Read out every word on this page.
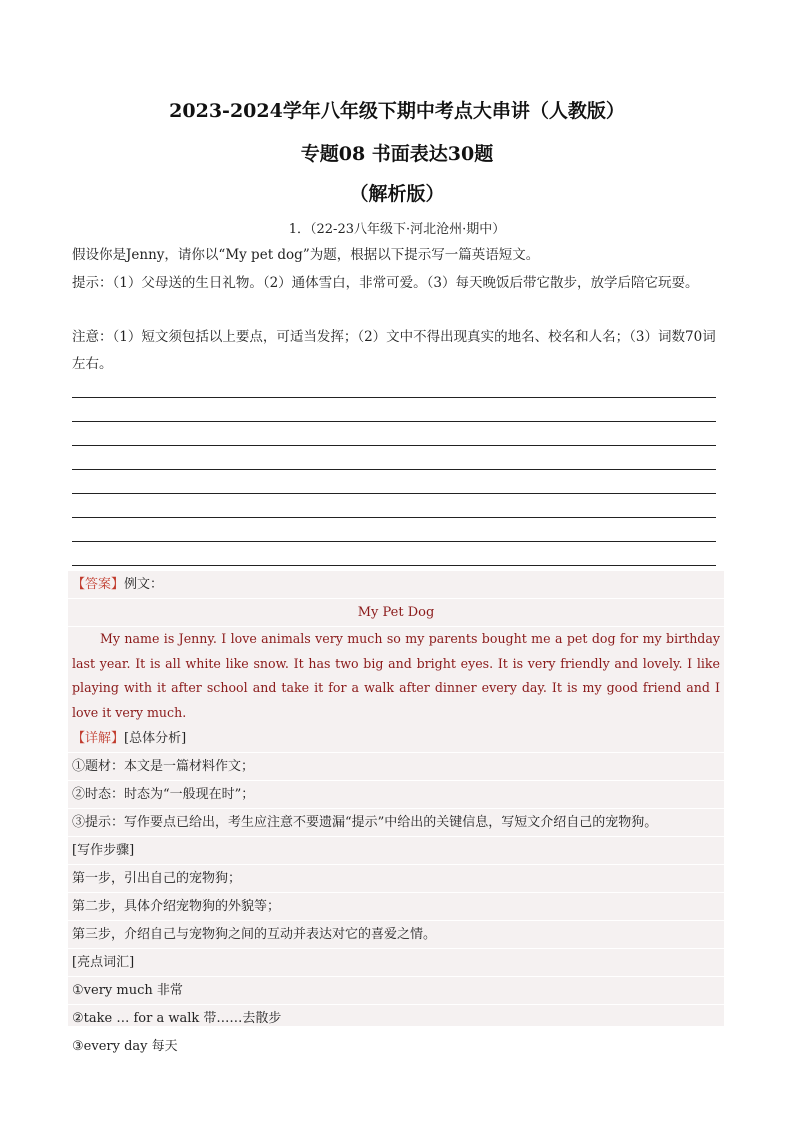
2023-2024学年八年级下期中考点大串讲（人教版）
专题08 书面表达30题
（解析版）
1．（22-23八年级下·河北沧州·期中）
假设你是Jenny，请你以“My pet dog”为题，根据以下提示写一篇英语短文。
提示：（1）父母送的生日礼物。（2）通体雪白，非常可爱。（3）每天晚饭后带它散步，放学后陪它玩耍。
注意：（1）短文须包括以上要点，可适当发挥；（2）文中不得出现真实的地名、校名和人名；（3）词数70词左右。
【答案】例文：
My Pet Dog
My name is Jenny. I love animals very much so my parents bought me a pet dog for my birthday last year. It is all white like snow. It has two big and bright eyes. It is very friendly and lovely. I like playing with it after school and take it for a walk after dinner every day. It is my good friend and I love it very much.
【详解】[总体分析]
①题材：本文是一篇材料作文；
②时态：时态为“一般现在时”；
③提示：写作要点已给出，考生应注意不要遗漏“提示”中给出的关键信息，写短文介绍自己的宠物狗。
[写作步骤]
第一步，引出自己的宠物狗；
第二步，具体介绍宠物狗的外貌等；
第三步，介绍自己与宠物狗之间的互动并表达对它的喜爱之情。
[亮点词汇]
①very much 非常
②take … for a walk 带……去散步
③every day 每天
